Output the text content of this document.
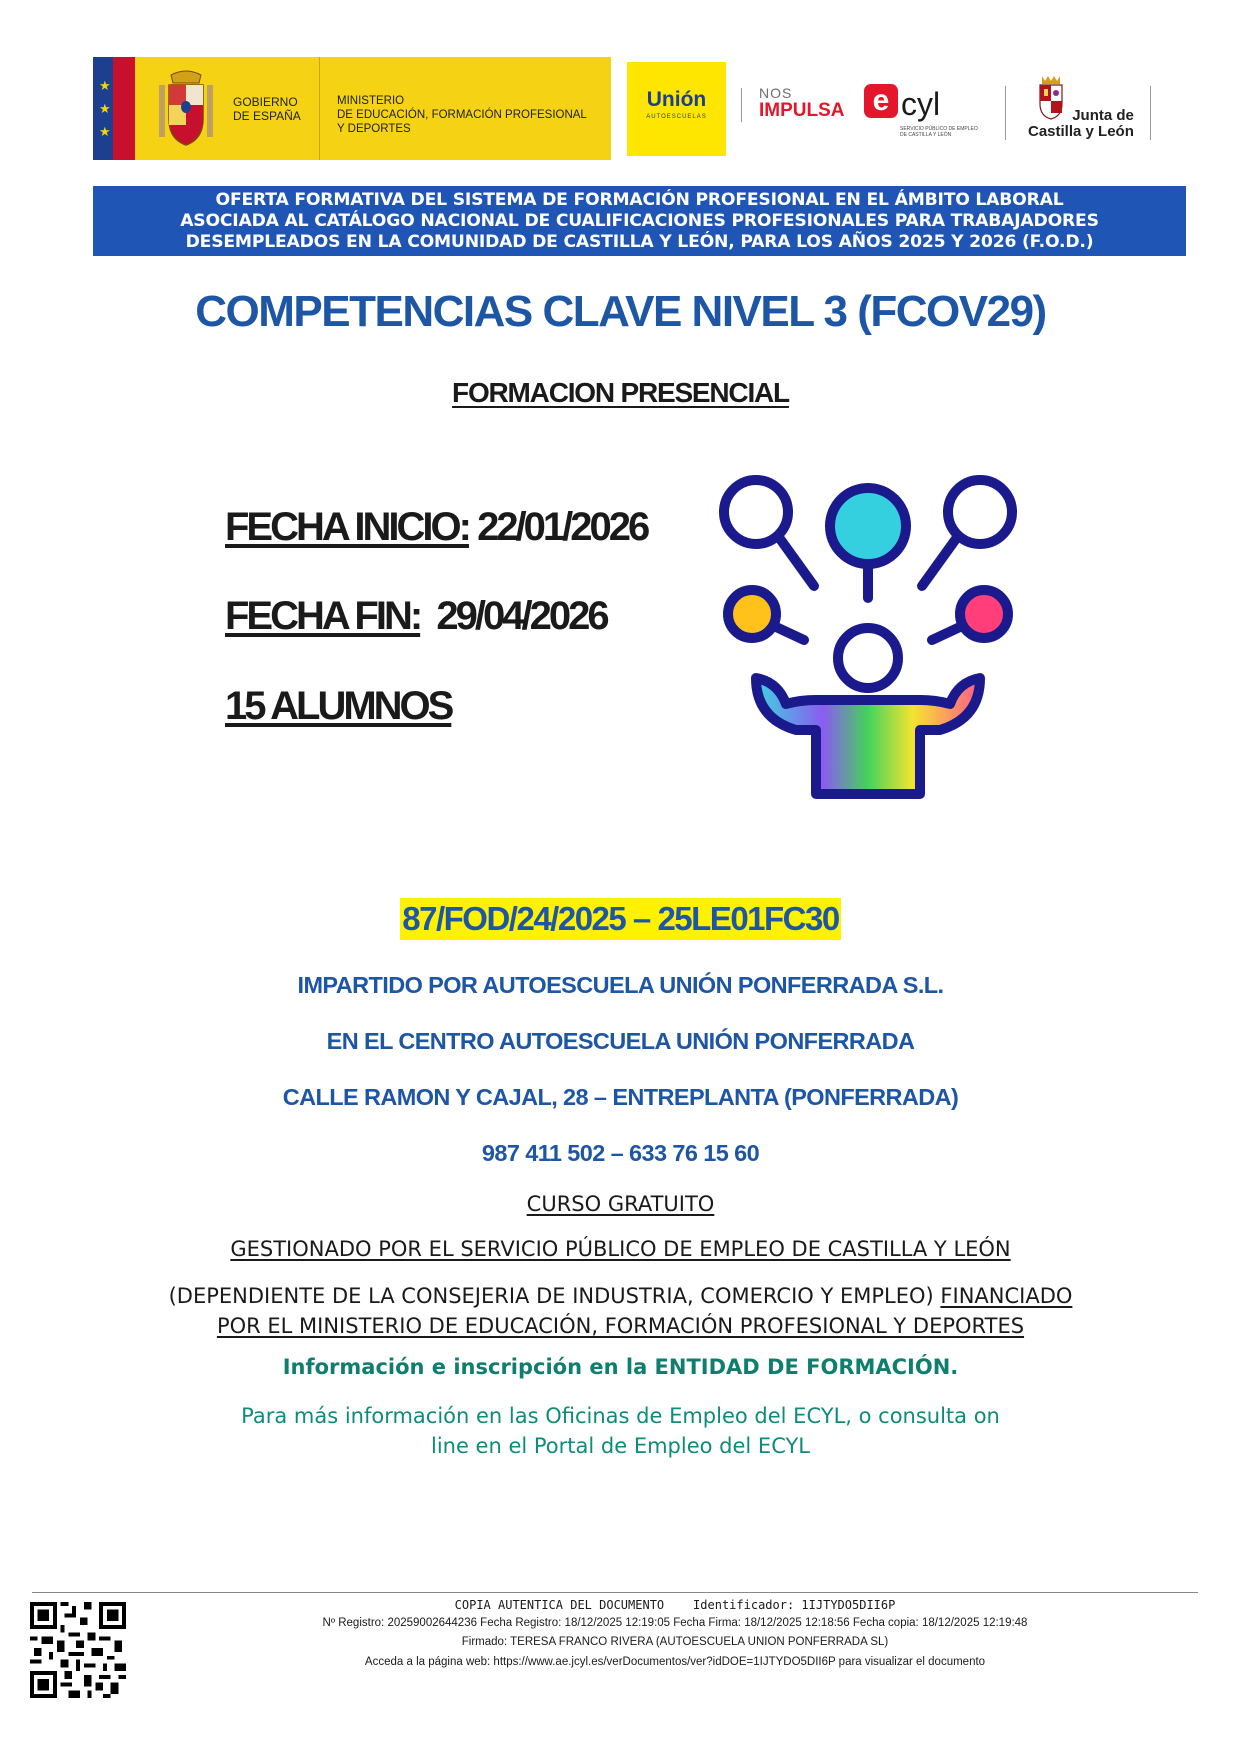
★
★
★
GOBIERNO
DE ESPAÑA
MINISTERIO
DE EDUCACIÓN, FORMACIÓN PROFESIONAL
Y DEPORTES
Unión
AUTOESCUELAS
NOS
IMPULSA e cyl
SERVICIO PÚBLICO DE EMPLEO DE CASTILLA Y LEÓN
Junta de
Castilla y León
OFERTA FORMATIVA DEL SISTEMA DE FORMACIÓN PROFESIONAL EN EL ÁMBITO LABORAL
ASOCIADA AL CATÁLOGO NACIONAL DE CUALIFICACIONES PROFESIONALES PARA TRABAJADORES
DESEMPLEADOS EN LA COMUNIDAD DE CASTILLA Y LEÓN, PARA LOS AÑOS 2025 Y 2026 (F.O.D.)
COMPETENCIAS CLAVE NIVEL 3 (FCOV29)
FORMACION PRESENCIAL
FECHA INICIO: 22/01/2026
FECHA FIN:  29/04/2026
15 ALUMNOS
87/FOD/24/2025 – 25LE01FC30
IMPARTIDO POR AUTOESCUELA UNIÓN PONFERRADA S.L.
EN EL CENTRO AUTOESCUELA UNIÓN PONFERRADA
CALLE RAMON Y CAJAL, 28 – ENTREPLANTA (PONFERRADA)
987 411 502 – 633 76 15 60
CURSO GRATUITO
GESTIONADO POR EL SERVICIO PÚBLICO DE EMPLEO DE CASTILLA Y LEÓN
(DEPENDIENTE DE LA CONSEJERIA DE INDUSTRIA, COMERCIO Y EMPLEO) FINANCIADO
POR EL MINISTERIO DE EDUCACIÓN, FORMACIÓN PROFESIONAL Y DEPORTES
Información e inscripción en la ENTIDAD DE FORMACIÓN.
Para más información en las Oficinas de Empleo del ECYL, o consulta on
line en el Portal de Empleo del ECYL
COPIA AUTENTICA DEL DOCUMENTO    Identificador: 1IJTYDO5DII6P
Nº Registro: 20259002644236 Fecha Registro: 18/12/2025 12:19:05 Fecha Firma: 18/12/2025 12:18:56 Fecha copia: 18/12/2025 12:19:48
Firmado: TERESA FRANCO RIVERA (AUTOESCUELA UNION PONFERRADA SL)
Acceda a la página web: https://www.ae.jcyl.es/verDocumentos/ver?idDOE=1IJTYDO5DII6P para visualizar el documento
